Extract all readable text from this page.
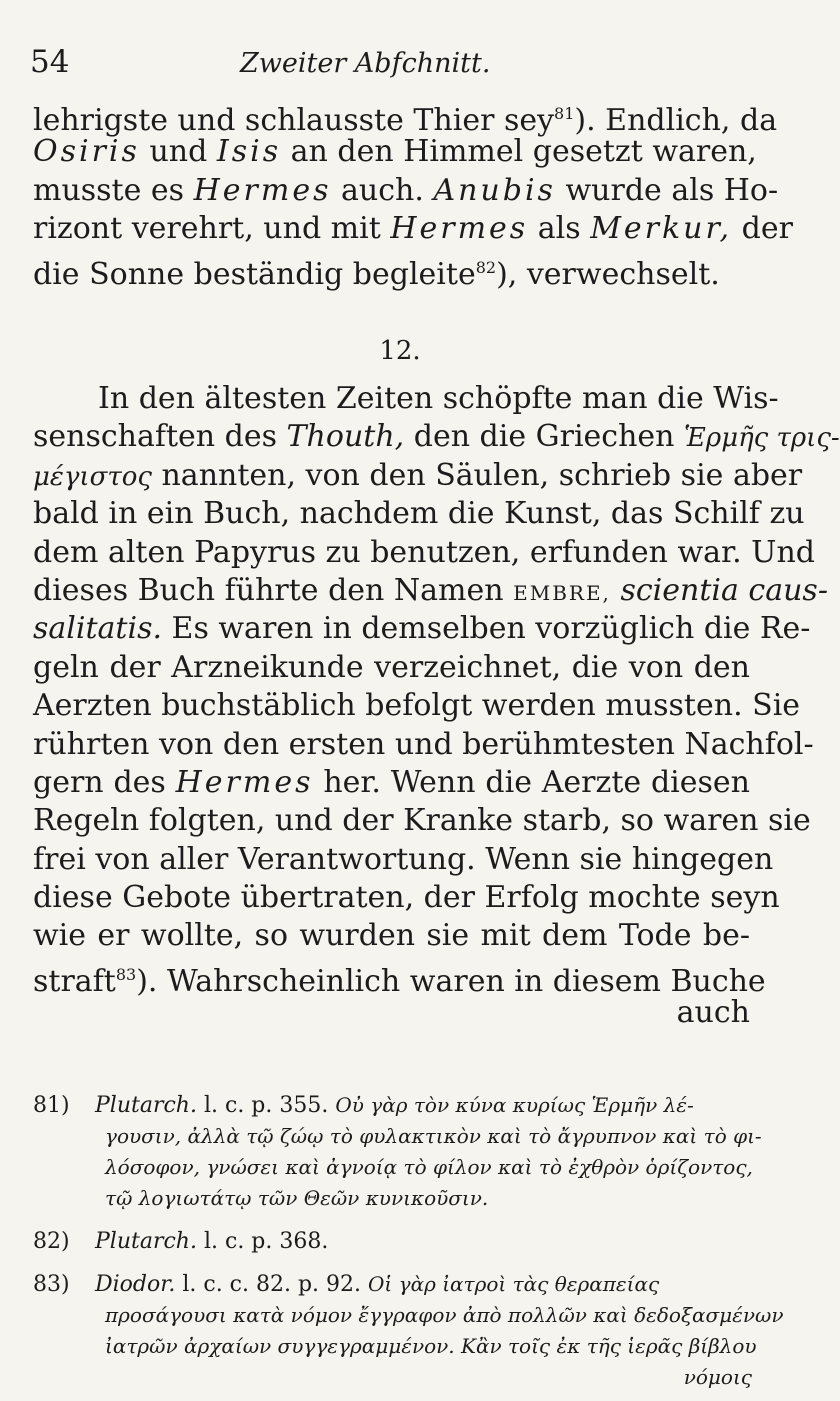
54	Zweiter Abfchnitt.
lehrigste und schlausste Thier sey$^{81}$). Endlich, da
Osiris und Isis an den Himmel gesetzt waren,
musste es Hermes auch. Anubis wurde als Ho-
rizont verehrt, und mit Hermes als Merkur, der
die Sonne beständig begleite$^{82}$), verwechselt.
12.
In den ältesten Zeiten schöpfte man die Wis-
senschaften des Thouth, den die Griechen Ἑρμῆς τρις-
μέγιστος nannten, von den Säulen, schrieb sie aber
bald in ein Buch, nachdem die Kunst, das Schilf zu
dem alten Papyrus zu benutzen, erfunden war. Und
dieses Buch führte den Namen EMBRE, scientia caus-
salitatis. Es waren in demselben vorzüglich die Re-
geln der Arzneikunde verzeichnet, die von den
Aerzten buchstäblich befolgt werden mussten. Sie
rührten von den ersten und berühmtesten Nachfol-
gern des Hermes her. Wenn die Aerzte diesen
Regeln folgten, und der Kranke starb, so waren sie
frei von aller Verantwortung. Wenn sie hingegen
diese Gebote übertraten, der Erfolg mochte seyn
wie er wollte, so wurden sie mit dem Tode be-
straft$^{83}$). Wahrscheinlich waren in diesem Buche
auch
81) Plutarch. l. c. p. 355. Οὐ γὰρ τὸν κύνα κυρίως Ἑρμῆν λέ-
γουσιν, ἀλλὰ τῷ ζώῳ τὸ φυλακτικὸν καὶ τὸ ἄγρυπνον καὶ τὸ φι-
λόσοφον, γνώσει καὶ ἀγνοίᾳ τὸ φίλον καὶ τὸ ἐχθρὸν ὁρίζοντος,
τῷ λογιωτάτῳ τῶν Θεῶν κυνικοῦσιν.
82) Plutarch. l. c. p. 368.
83) Diodor. l. c. c. 82. p. 92. Οἱ γὰρ ἰατροὶ τὰς θεραπείας
προσάγουσι κατὰ νόμον ἔγγραφον ἀπὸ πολλῶν καὶ δεδοξασμένων
ἰατρῶν ἀρχαίων συγγεγραμμένον. Κἂν τοῖς ἐκ τῆς ἱερᾶς βίβλου
νόμοις
